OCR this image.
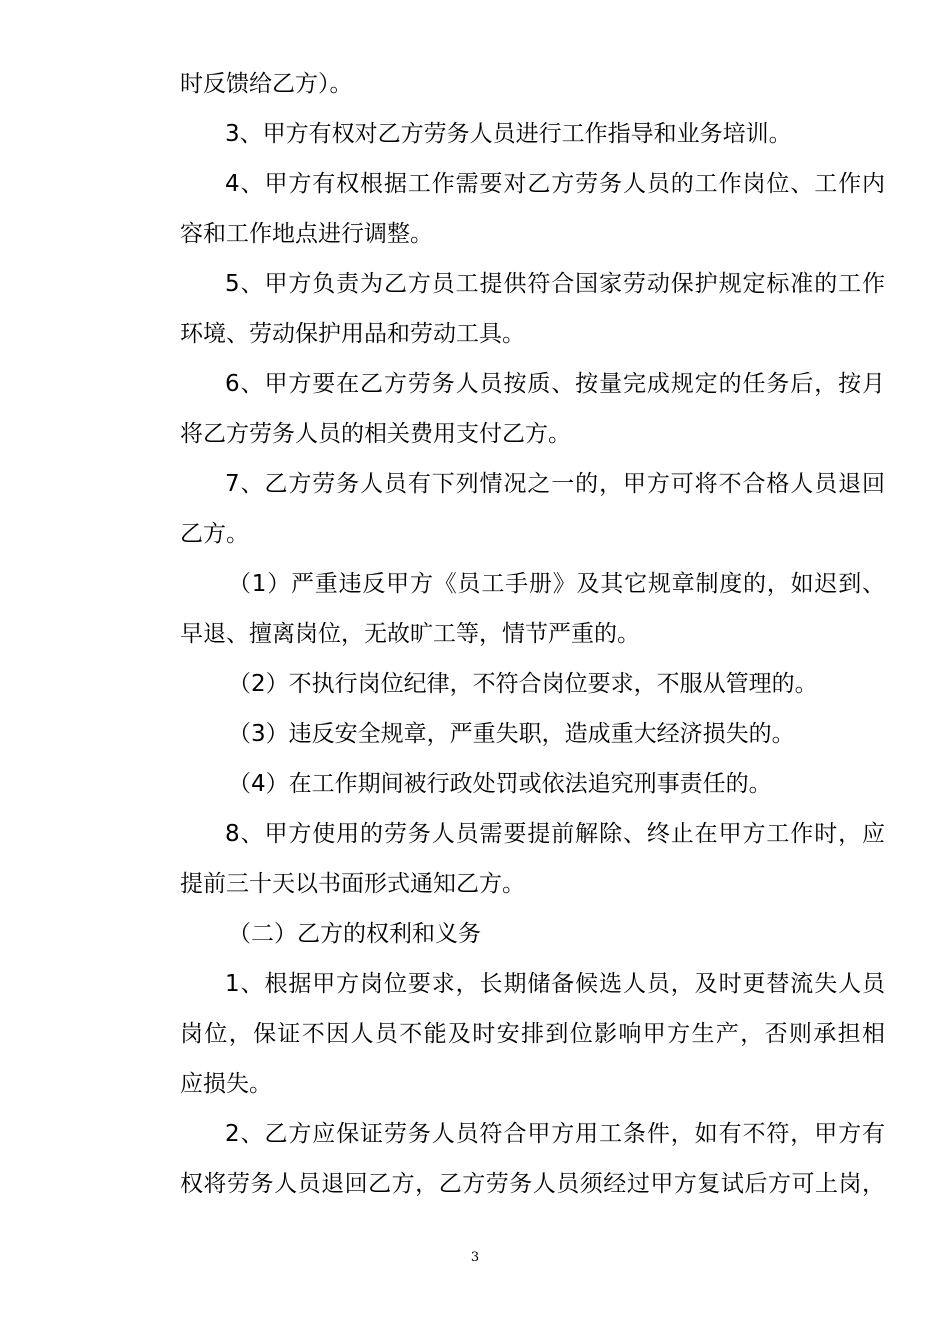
时反馈给乙方）。
3、甲方有权对乙方劳务人员进行工作指导和业务培训。
4、甲方有权根据工作需要对乙方劳务人员的工作岗位、工作内
容和工作地点进行调整。
5、甲方负责为乙方员工提供符合国家劳动保护规定标准的工作
环境、劳动保护用品和劳动工具。
6、甲方要在乙方劳务人员按质、按量完成规定的任务后，按月
将乙方劳务人员的相关费用支付乙方。
7、乙方劳务人员有下列情况之一的，甲方可将不合格人员退回
乙方。
（1）严重违反甲方《员工手册》及其它规章制度的，如迟到、
早退、擅离岗位，无故旷工等，情节严重的。
（2）不执行岗位纪律，不符合岗位要求，不服从管理的。
（3）违反安全规章，严重失职，造成重大经济损失的。
（4）在工作期间被行政处罚或依法追究刑事责任的。
8、甲方使用的劳务人员需要提前解除、终止在甲方工作时，应
提前三十天以书面形式通知乙方。
（二）乙方的权利和义务
1、根据甲方岗位要求，长期储备候选人员，及时更替流失人员
岗位，保证不因人员不能及时安排到位影响甲方生产，否则承担相
应损失。
2、乙方应保证劳务人员符合甲方用工条件，如有不符，甲方有
权将劳务人员退回乙方，乙方劳务人员须经过甲方复试后方可上岗，
3
